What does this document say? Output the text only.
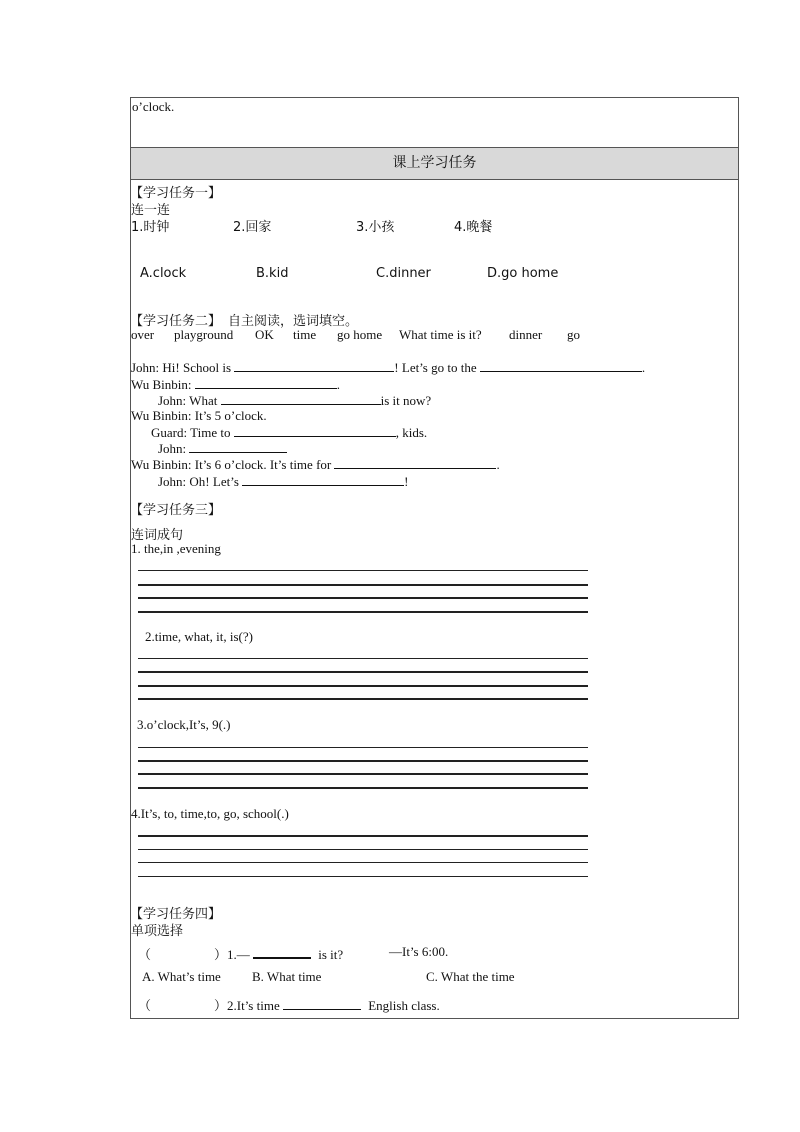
o’clock.
课上学习任务
【学习任务一】
连一连
1.时钟	2.回家	3.小孩	4.晚餐
A.clock	B.kid	C.dinner	D.go home
【学习任务二】 自主阅读，选词填空。
over playground OK time go home What time is it? dinner go
John: Hi! School is	! Let’s go to the	.
Wu Binbin:	.
John: What	is it now?
Wu Binbin: It’s 5 o’clock.
Guard: Time to	, kids.
John:
Wu Binbin: It’s 6 o’clock. It’s time for	.
John: Oh! Let’s	!
【学习任务三】
连词成句
1. the,in ,evening
2.time, what, it, is(?)
3.o’clock,It’s, 9(.)
4.It’s, to, time,to, go, school(.)
【学习任务四】
单项选择
（	）1.—	is it?	—It’s 6:00.
A. What’s time B. What time	C. What the time
（	）2.It’s time	English class.
